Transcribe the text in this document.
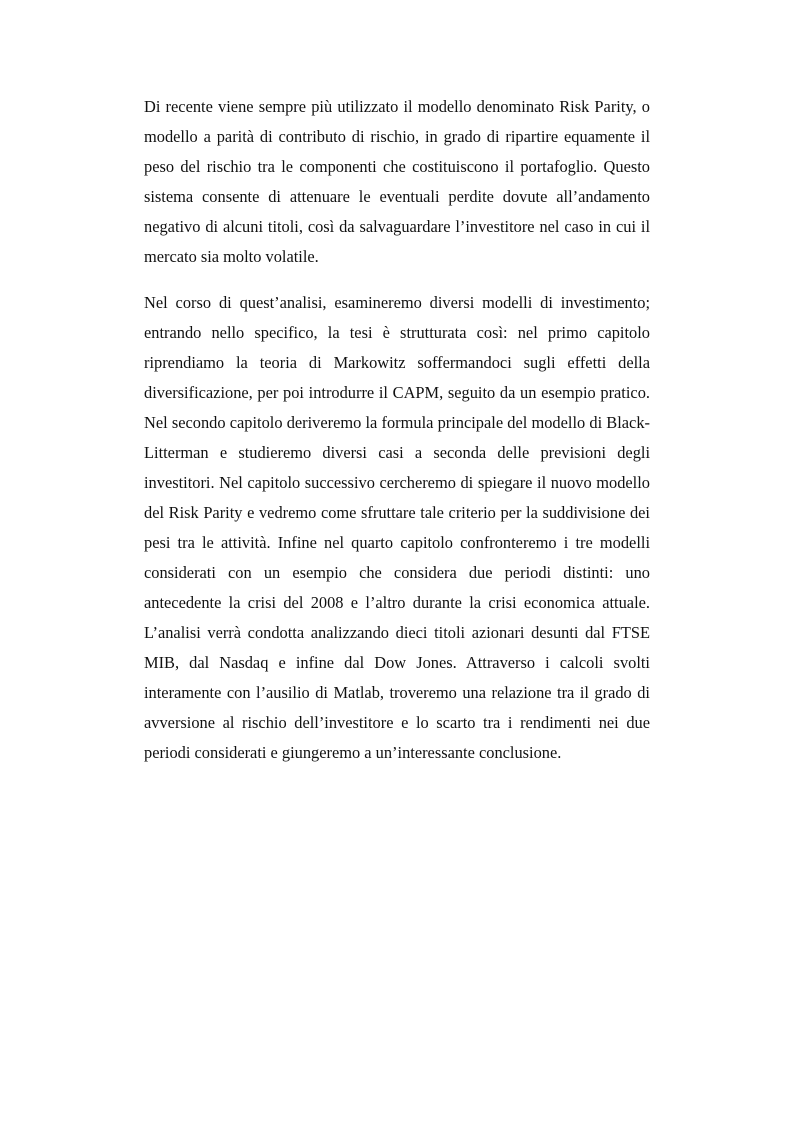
Di recente viene sempre più utilizzato il modello denominato Risk Parity, o modello a parità di contributo di rischio, in grado di ripartire equamente il peso del rischio tra le componenti che costituiscono il portafoglio. Questo sistema consente di attenuare le eventuali perdite dovute all’andamento negativo di alcuni titoli, così da salvaguardare l’investitore nel caso in cui il mercato sia molto volatile.

Nel corso di quest’analisi, esamineremo diversi modelli di investimento; entrando nello specifico, la tesi è strutturata così: nel primo capitolo riprendiamo la teoria di Markowitz soffermandoci sugli effetti della diversificazione, per poi introdurre il CAPM, seguito da un esempio pratico. Nel secondo capitolo deriveremo la formula principale del modello di Black-Litterman e studieremo diversi casi a seconda delle previsioni degli investitori. Nel capitolo successivo cercheremo di spiegare il nuovo modello del Risk Parity e vedremo come sfruttare tale criterio per la suddivisione dei pesi tra le attività. Infine nel quarto capitolo confronteremo i tre modelli considerati con un esempio che considera due periodi distinti: uno antecedente la crisi del 2008 e l’altro durante la crisi economica attuale. L’analisi verrà condotta analizzando dieci titoli azionari desunti dal FTSE MIB, dal Nasdaq e infine dal Dow Jones. Attraverso i calcoli svolti interamente con l’ausilio di Matlab, troveremo una relazione tra il grado di avversione al rischio dell’investitore e lo scarto tra i rendimenti nei due periodi considerati e giungeremo a un’interessante conclusione.
